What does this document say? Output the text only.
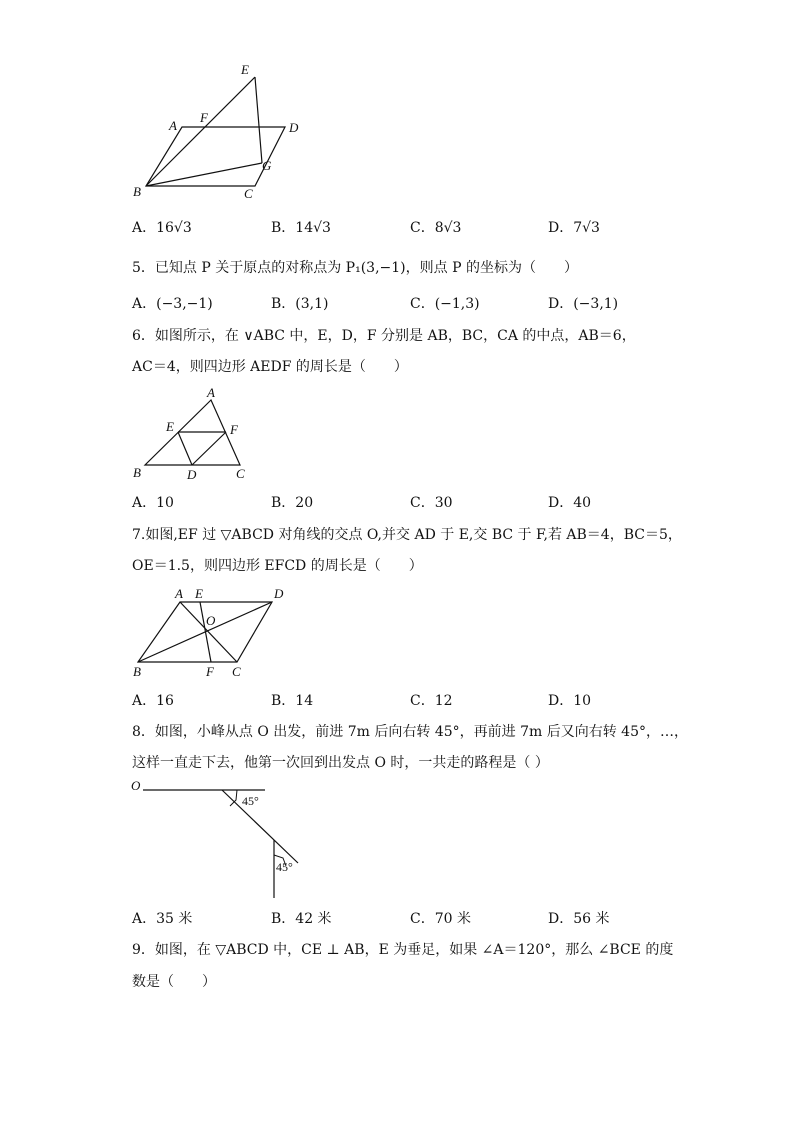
E
A
F
D
G
B	C
A．16√3	B．14√3	C．8√3	D．7√3
5．已知点 P 关于原点的对称点为 P₁(3,−1)，则点 P 的坐标为（　　）
A．(−3,−1)	B．(3,1)	C．(−1,3)	D．(−3,1)
6．如图所示，在 ∨ABC 中，E，D，F 分别是 AB，BC，CA 的中点，AB＝6，
AC＝4，则四边形 AEDF 的周长是（　　）
A
E	F
B	D	C
A．10	B．20	C．30	D．40
7.如图,EF 过 ▽ABCD 对角线的交点 O,并交 AD 于 E,交 BC 于 F,若 AB＝4，BC＝5，
OE＝1.5，则四边形 EFCD 的周长是（　　）
A E	D
O
B	F C
A．16	B．14	C．12	D．10
8．如图，小峰从点 O 出发，前进 7m 后向右转 45°，再前进 7m 后又向右转 45°，…，
这样一直走下去，他第一次回到出发点 O 时，一共走的路程是（ ）
O
45°
45°
A．35 米	B．42 米	C．70 米	D．56 米
9．如图，在 ▽ABCD 中，CE ⊥ AB，E 为垂足，如果 ∠A＝120°，那么 ∠BCE 的度
数是（　　）
